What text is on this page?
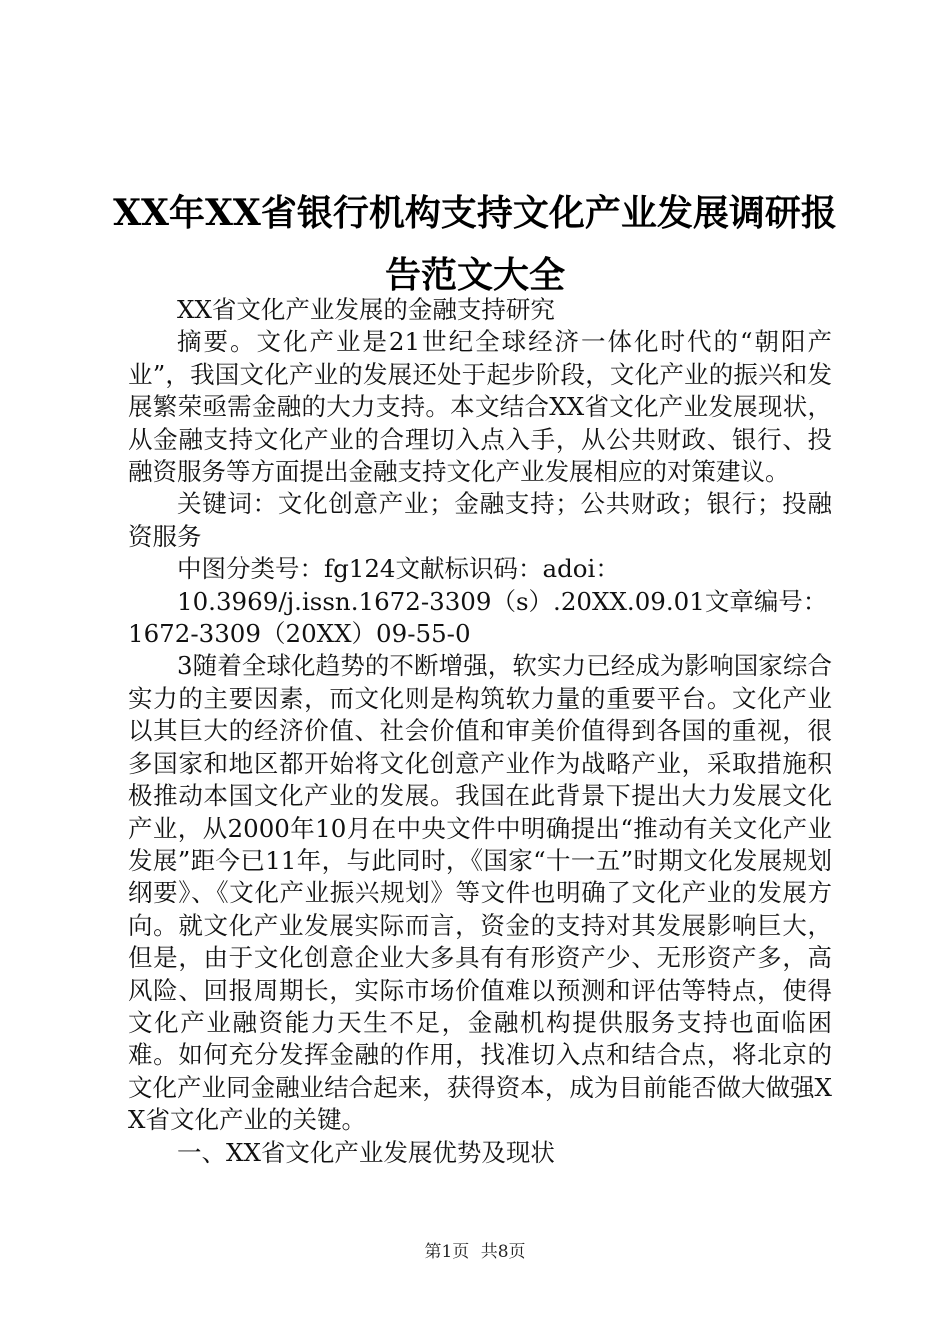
XX年XX省银行机构支持文化产业发展调研报告范文大全

XX省文化产业发展的金融支持研究

摘要。文化产业是21世纪全球经济一体化时代的“朝阳产业”，我国文化产业的发展还处于起步阶段，文化产业的振兴和发展繁荣亟需金融的大力支持。本文结合XX省文化产业发展现状，从金融支持文化产业的合理切入点入手，从公共财政、银行、投融资服务等方面提出金融支持文化产业发展相应的对策建议。

关键词：文化创意产业；金融支持；公共财政；银行；投融资服务

中图分类号：fg124文献标识码：adoi：

10.3969/j.issn.1672-3309（s）.20XX.09.01文章编号：

1672-3309（20XX）09-55-0

3随着全球化趋势的不断增强，软实力已经成为影响国家综合实力的主要因素，而文化则是构筑软力量的重要平台。文化产业以其巨大的经济价值、社会价值和审美价值得到各国的重视，很多国家和地区都开始将文化创意产业作为战略产业，采取措施积极推动本国文化产业的发展。我国在此背景下提出大力发展文化产业，从2000年10月在中央文件中明确提出“推动有关文化产业发展”距今已11年，与此同时，《国家“十一五”时期文化发展规划纲要》、《文化产业振兴规划》等文件也明确了文化产业的发展方向。就文化产业发展实际而言，资金的支持对其发展影响巨大，但是，由于文化创意企业大多具有有形资产少、无形资产多，高风险、回报周期长，实际市场价值难以预测和评估等特点，使得文化产业融资能力天生不足，金融机构提供服务支持也面临困难。如何充分发挥金融的作用，找准切入点和结合点，将北京的文化产业同金融业结合起来，获得资本，成为目前能否做大做强XX省文化产业的关键。

一、XX省文化产业发展优势及现状

第1页 共8页
